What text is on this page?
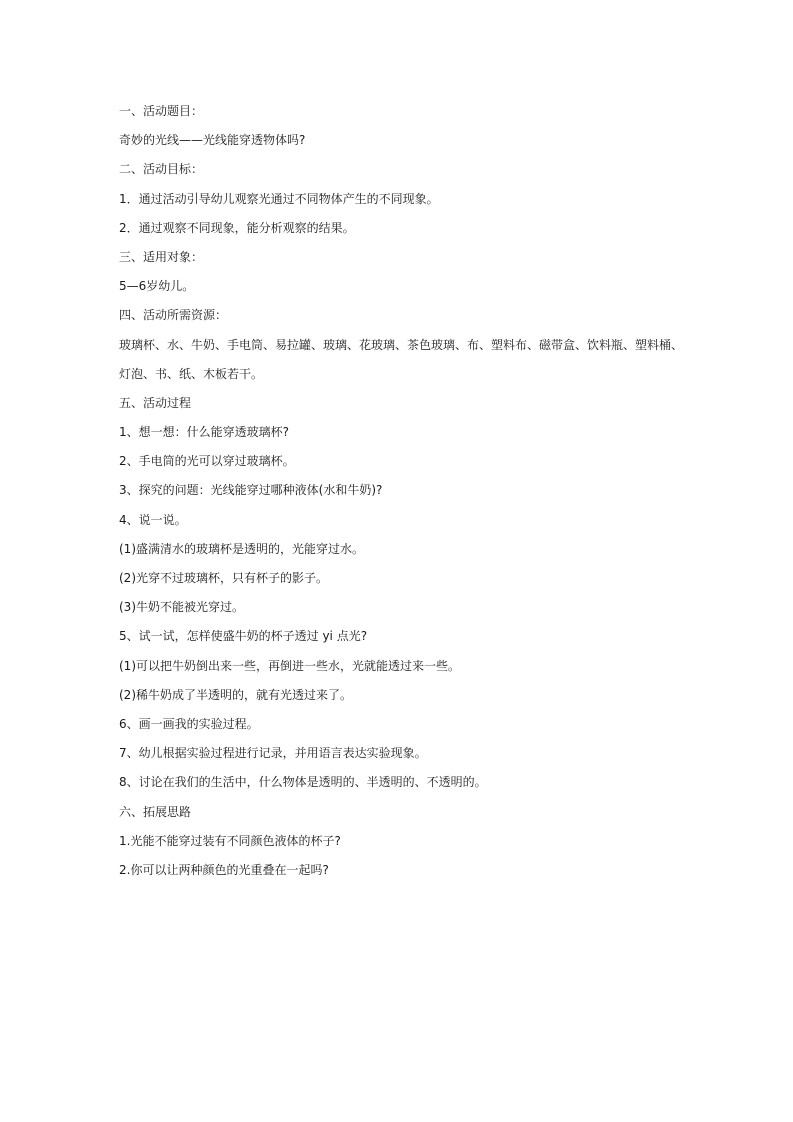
一、活动题目：
奇妙的光线——光线能穿透物体吗?
二、活动目标：
1．通过活动引导幼儿观察光通过不同物体产生的不同现象。
2．通过观察不同现象，能分析观察的结果。
三、适用对象：
5—6岁幼儿。
四、活动所需资源：
玻璃杯、水、牛奶、手电筒、易拉罐、玻璃、花玻璃、茶色玻璃、布、塑料布、磁带盒、饮料瓶、塑料桶、
灯泡、书、纸、木板若干。
五、活动过程
1、想一想：什么能穿透玻璃杯?
2、手电筒的光可以穿过玻璃杯。
3、探究的问题：光线能穿过哪种液体(水和牛奶)?
4、说一说。
(1)盛满清水的玻璃杯是透明的，光能穿过水。
(2)光穿不过玻璃杯，只有杯子的影子。
(3)牛奶不能被光穿过。
5、试一试，怎样使盛牛奶的杯子透过 yi 点光?
(1)可以把牛奶倒出来一些，再倒进一些水，光就能透过来一些。
(2)稀牛奶成了半透明的，就有光透过来了。
6、画一画我的实验过程。
7、幼儿根据实验过程进行记录，并用语言表达实验现象。
8、讨论在我们的生活中，什么物体是透明的、半透明的、不透明的。
六、拓展思路
1.光能不能穿过装有不同颜色液体的杯子?
2.你可以让两种颜色的光重叠在一起吗?
